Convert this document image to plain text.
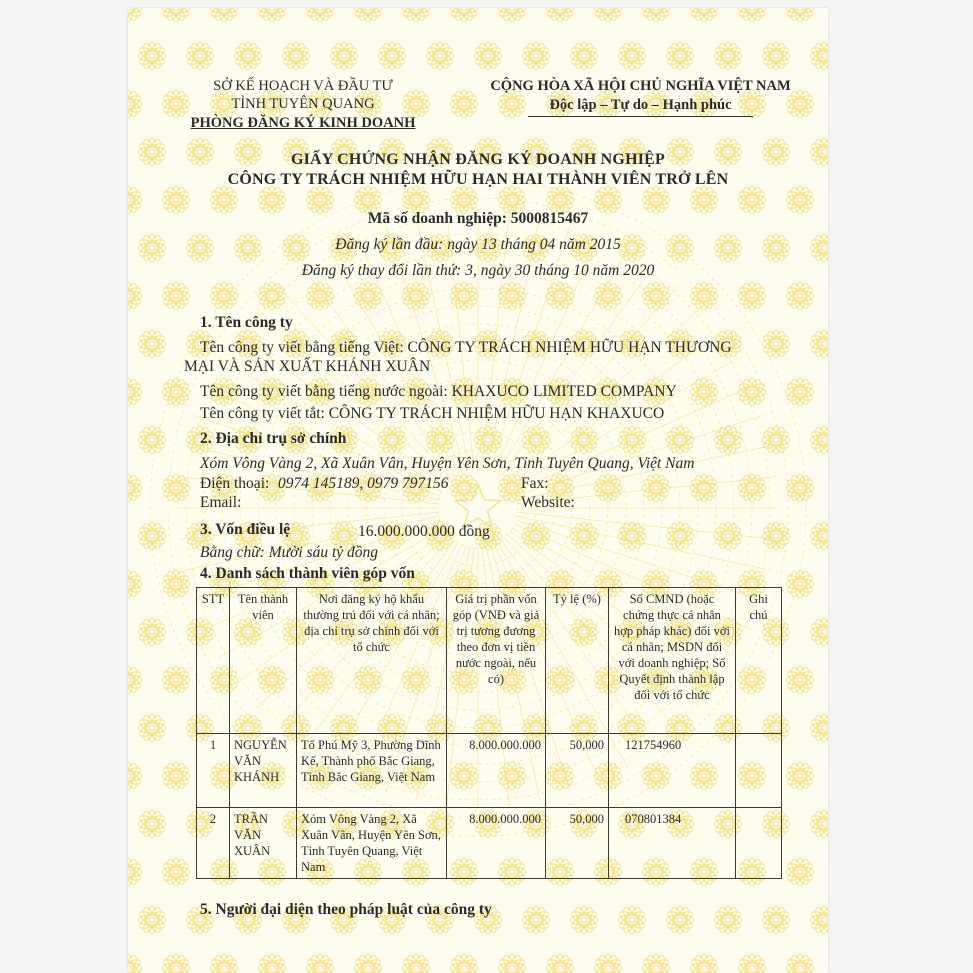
SỞ KẾ HOẠCH VÀ ĐẦU TƯ
TỈNH TUYÊN QUANG
PHÒNG ĐĂNG KÝ KINH DOANH
CỘNG HÒA XÃ HỘI CHỦ NGHĨA VIỆT NAM
Độc lập – Tự do – Hạnh phúc
GIẤY CHỨNG NHẬN ĐĂNG KÝ DOANH NGHIỆP
CÔNG TY TRÁCH NHIỆM HỮU HẠN HAI THÀNH VIÊN TRỞ LÊN
Mã số doanh nghiệp: 5000815467
Đăng ký lần đầu: ngày 13 tháng 04 năm 2015
Đăng ký thay đổi lần thứ: 3, ngày 30 tháng 10 năm 2020
1. Tên công ty
Tên công ty viết bằng tiếng Việt: CÔNG TY TRÁCH NHIỆM HỮU HẠN THƯƠNG
MẠI VÀ SẢN XUẤT KHÁNH XUÂN
Tên công ty viết bằng tiếng nước ngoài: KHAXUCO LIMITED COMPANY
Tên công ty viết tắt: CÔNG TY TRÁCH NHIỆM HỮU HẠN KHAXUCO
2. Địa chỉ trụ sở chính
Xóm Vông Vàng 2, Xã Xuân Vân, Huyện Yên Sơn, Tỉnh Tuyên Quang, Việt Nam
Điện thoại: 0974 145189, 0979 797156	Fax:
Email:	Website:
3. Vốn điều lệ	16.000.000.000 đồng
Bằng chữ: Mười sáu tỷ đồng
4. Danh sách thành viên góp vốn
STT	Tên thành viên	Nơi đăng ký hộ khẩu thường trú đối với cá nhân; địa chỉ trụ sở chính đối với tổ chức	Giá trị phần vốn góp (VNĐ và giá trị tương đương theo đơn vị tiền nước ngoài, nếu có)	Tỷ lệ (%)	Số CMND (hoặc chứng thực cá nhân hợp pháp khác) đối với cá nhân; MSDN đối với doanh nghiệp; Số Quyết định thành lập đối với tổ chức	Ghi chú
1	NGUYỄN VĂN KHÁNH	Tổ Phú Mỹ 3, Phường Dĩnh Kế, Thành phố Bắc Giang, Tỉnh Bắc Giang, Việt Nam	8.000.000.000	50,000	121754960	
2	TRẦN VĂN XUÂN	Xóm Vông Vàng 2, Xã Xuân Vân, Huyện Yên Sơn, Tỉnh Tuyên Quang, Việt Nam	8.000.000.000	50,000	070801384	
5. Người đại diện theo pháp luật của công ty
